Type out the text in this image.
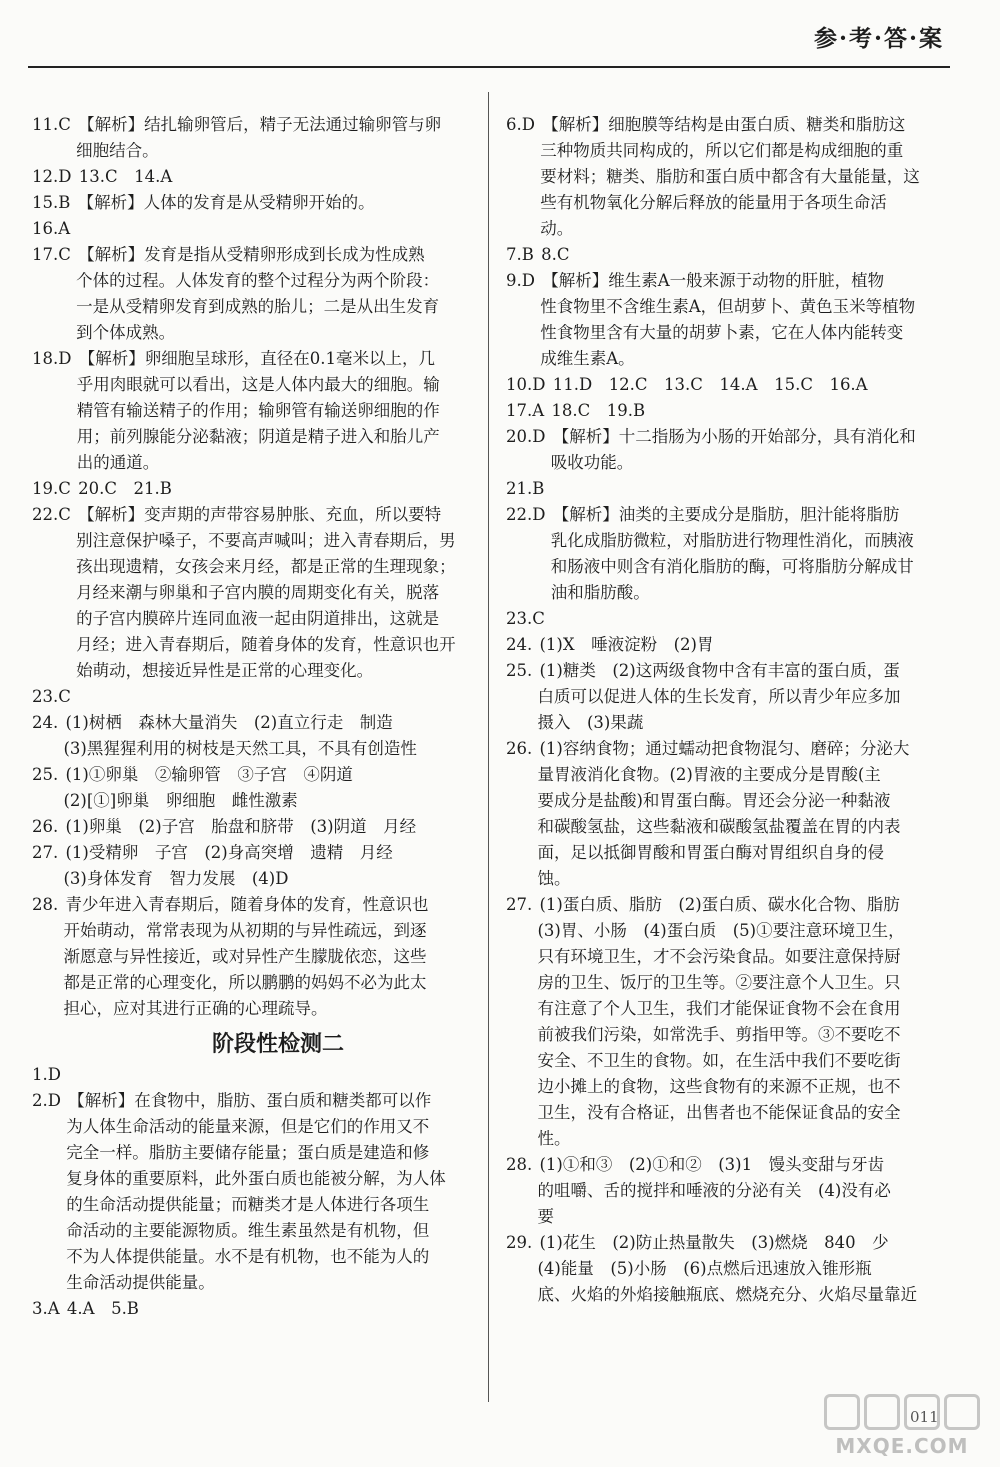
参·考·答·案
11.C 【解析】结扎输卵管后，精子无法通过输卵管与卵
细胞结合。
12.D 13.C　14.A
15.B 【解析】人体的发育是从受精卵开始的。
16.A
17.C 【解析】发育是指从受精卵形成到长成为性成熟
个体的过程。人体发育的整个过程分为两个阶段：
一是从受精卵发育到成熟的胎儿；二是从出生发育
到个体成熟。
18.D 【解析】卵细胞呈球形，直径在0.1毫米以上，几
乎用肉眼就可以看出，这是人体内最大的细胞。输
精管有输送精子的作用；输卵管有输送卵细胞的作
用；前列腺能分泌黏液；阴道是精子进入和胎儿产
出的通道。
19.C 20.C　21.B
22.C 【解析】变声期的声带容易肿胀、充血，所以要特
别注意保护嗓子，不要高声喊叫；进入青春期后，男
孩出现遗精，女孩会来月经，都是正常的生理现象；
月经来潮与卵巢和子宫内膜的周期变化有关，脱落
的子宫内膜碎片连同血液一起由阴道排出，这就是
月经；进入青春期后，随着身体的发育，性意识也开
始萌动，想接近异性是正常的心理变化。
23.C
24. (1)树栖　森林大量消失　(2)直立行走　制造
(3)黑猩猩利用的树枝是天然工具，不具有创造性
25. (1)①卵巢　②输卵管　③子宫　④阴道
(2)[①]卵巢　卵细胞　雌性激素
26. (1)卵巢　(2)子宫　胎盘和脐带　(3)阴道　月经
27. (1)受精卵　子宫　(2)身高突增　遗精　月经
(3)身体发育　智力发展　(4)D
28. 青少年进入青春期后，随着身体的发育，性意识也
开始萌动，常常表现为从初期的与异性疏远，到逐
渐愿意与异性接近，或对异性产生朦胧依恋，这些
都是正常的心理变化，所以鹏鹏的妈妈不必为此太
担心，应对其进行正确的心理疏导。
阶段性检测二
1.D
2.D 【解析】在食物中，脂肪、蛋白质和糖类都可以作
为人体生命活动的能量来源，但是它们的作用又不
完全一样。脂肪主要储存能量；蛋白质是建造和修
复身体的重要原料，此外蛋白质也能被分解，为人体
的生命活动提供能量；而糖类才是人体进行各项生
命活动的主要能源物质。维生素虽然是有机物，但
不为人体提供能量。水不是有机物，也不能为人的
生命活动提供能量。
3.A 4.A　5.B
6.D 【解析】细胞膜等结构是由蛋白质、糖类和脂肪这
三种物质共同构成的，所以它们都是构成细胞的重
要材料；糖类、脂肪和蛋白质中都含有大量能量，这
些有机物氧化分解后释放的能量用于各项生命活
动。
7.B 8.C
9.D 【解析】维生素A一般来源于动物的肝脏，植物
性食物里不含维生素A，但胡萝卜、黄色玉米等植物
性食物里含有大量的胡萝卜素，它在人体内能转变
成维生素A。
10.D 11.D　12.C　13.C　14.A　15.C　16.A
17.A 18.C　19.B
20.D 【解析】十二指肠为小肠的开始部分，具有消化和
吸收功能。
21.B
22.D 【解析】油类的主要成分是脂肪，胆汁能将脂肪
乳化成脂肪微粒，对脂肪进行物理性消化，而胰液
和肠液中则含有消化脂肪的酶，可将脂肪分解成甘
油和脂肪酸。
23.C
24. (1)X　唾液淀粉　(2)胃
25. (1)糖类　(2)这两级食物中含有丰富的蛋白质，蛋
白质可以促进人体的生长发育，所以青少年应多加
摄入　(3)果蔬
26. (1)容纳食物；通过蠕动把食物混匀、磨碎；分泌大
量胃液消化食物。(2)胃液的主要成分是胃酸(主
要成分是盐酸)和胃蛋白酶。胃还会分泌一种黏液
和碳酸氢盐，这些黏液和碳酸氢盐覆盖在胃的内表
面，足以抵御胃酸和胃蛋白酶对胃组织自身的侵
蚀。
27. (1)蛋白质、脂肪　(2)蛋白质、碳水化合物、脂肪
(3)胃、小肠　(4)蛋白质　(5)①要注意环境卫生，
只有环境卫生，才不会污染食品。如要注意保持厨
房的卫生、饭厅的卫生等。②要注意个人卫生。只
有注意了个人卫生，我们才能保证食物不会在食用
前被我们污染，如常洗手、剪指甲等。③不要吃不
安全、不卫生的食物。如，在生活中我们不要吃街
边小摊上的食物，这些食物有的来源不正规，也不
卫生，没有合格证，出售者也不能保证食品的安全
性。
28. (1)①和③　(2)①和②　(3)1　馒头变甜与牙齿
的咀嚼、舌的搅拌和唾液的分泌有关　(4)没有必
要
29. (1)花生　(2)防止热量散失　(3)燃烧　840　少
(4)能量　(5)小肠　(6)点燃后迅速放入锥形瓶
底、火焰的外焰接触瓶底、燃烧充分、火焰尽量靠近
MXQE.COM
011
